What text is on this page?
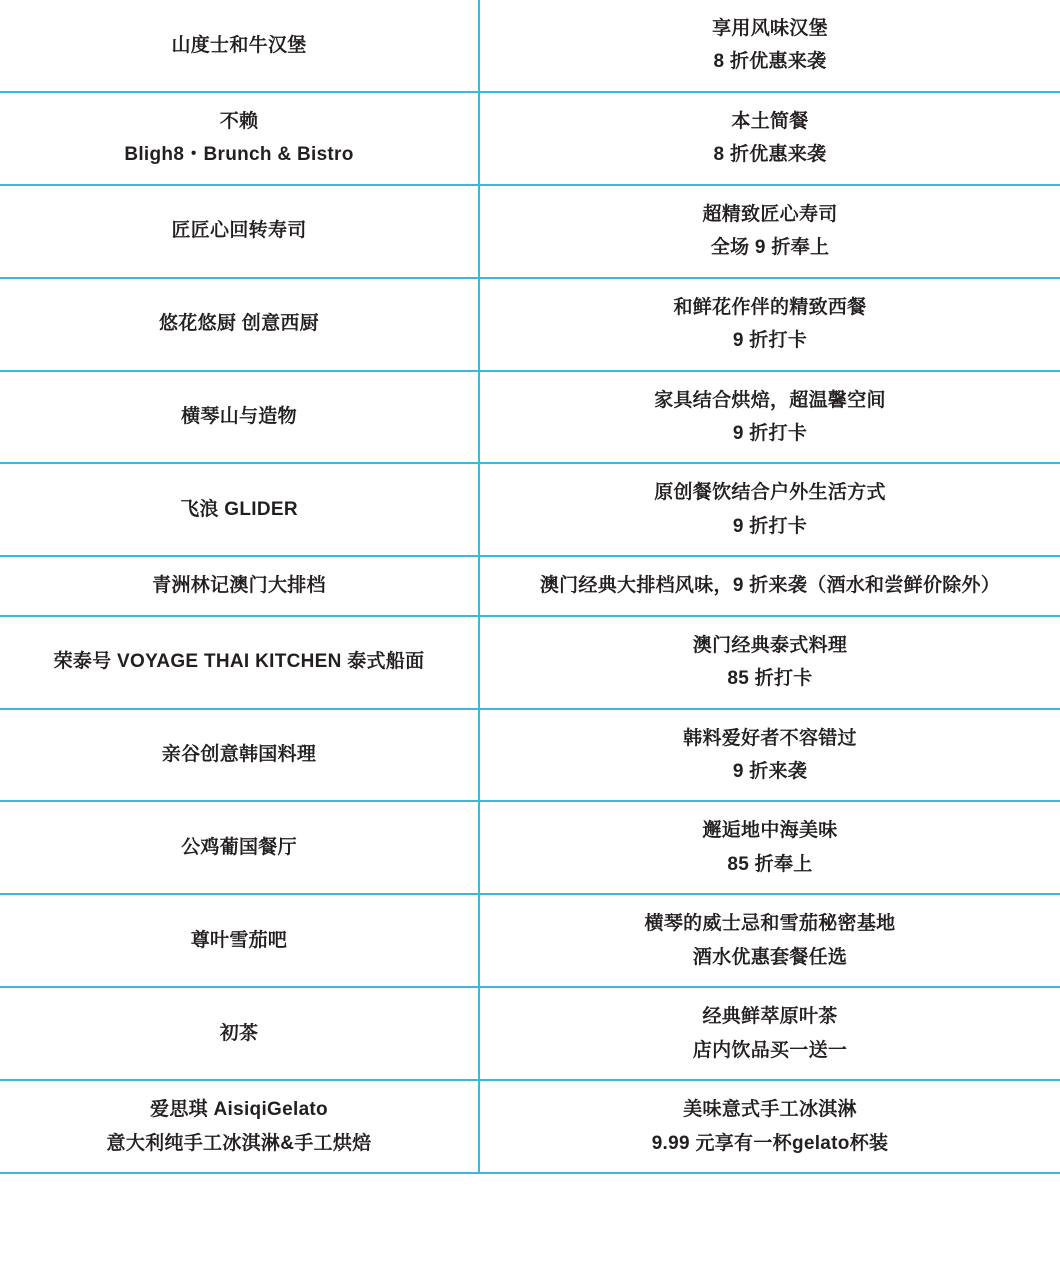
山度士和牛汉堡	享用风味汉堡
8 折优惠来袭

不赖
Bligh8・Brunch & Bistro	本土简餐
8 折优惠来袭

匠匠心回转寿司	超精致匠心寿司
全场 9 折奉上

悠花悠厨 创意西厨	和鲜花作伴的精致西餐
9 折打卡

横琴山与造物	家具结合烘焙，超温馨空间
9 折打卡

飞浪 GLIDER	原创餐饮结合户外生活方式
9 折打卡

青洲林记澳门大排档	澳门经典大排档风味，9 折来袭（酒水和尝鲜价除外）

荣泰号 VOYAGE THAI KITCHEN 泰式船面	澳门经典泰式料理
85 折打卡

亲谷创意韩国料理	韩料爱好者不容错过
9 折来袭

公鸡葡国餐厅	邂逅地中海美味
85 折奉上

尊叶雪茄吧	横琴的威士忌和雪茄秘密基地
酒水优惠套餐任选

初茶	经典鲜萃原叶茶
店内饮品买一送一

爱思琪 AisiqiGelato
意大利纯手工冰淇淋&手工烘焙	美味意式手工冰淇淋
9.99 元享有一杯gelato杯装
